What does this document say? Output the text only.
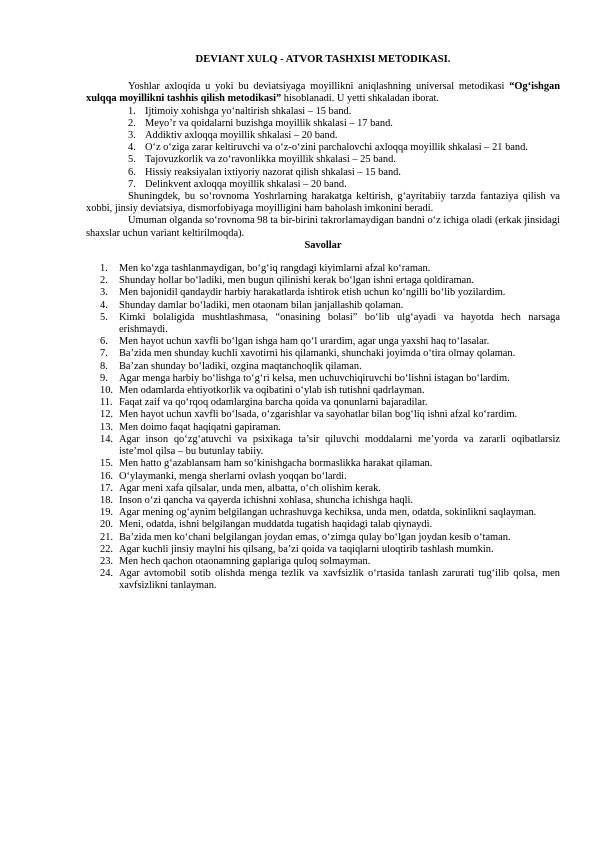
DEVIANT XULQ - ATVOR TASHXISI METODIKASI.

Yoshlar axloqida u yoki bu deviatsiyaga moyillikni aniqlashning universal metodikasi “Og‘ishgan xulqqa moyillikni tashhis qilish metodikasi” hisoblanadi. U yetti shkaladan iborat.

1. Ijtimoiy xohishga yo‘naltirish shkalasi – 15 band.
2. Meyo’r va qoidalarni buzishga moyillik shkalasi – 17 band.
3. Addiktiv axloqqa moyillik shkalasi – 20 band.
4. O‘z o‘ziga zarar keltiruvchi va o‘z-o‘zini parchalovchi axloqqa moyillik shkalasi – 21 band.
5. Tajovuzkorlik va zo‘ravonlikka moyillik shkalasi – 25 band.
6. Hissiy reaksiyalan ixtiyoriy nazorat qilish shkalasi – 15 band.
7. Delinkvent axloqqa moyillik shkalasi – 20 band.

Shuningdek, bu so‘rovnoma Yoshrlarning harakatga keltirish, g‘ayritabiiy tarzda fantaziya qilish va xobbi, jinsiy deviatsiya, dismorfobiyaga moyilligini ham baholash imkonini beradi.

Umuman olganda so‘rovnoma 98 ta bir-birini takrorlamaydigan bandni o‘z ichiga oladi (erkak jinsidagi shaxslar uchun variant keltirilmoqda).

Savollar

1.	Men ko‘zga tashlanmaydigan, bo‘g‘iq rangdagi kiyimlarni afzal ko‘raman.
2.	Shunday hollar bo‘ladiki, men bugun qilinishi kerak bo‘lgan ishni ertaga qoldiraman.
3.	Men bajonidil qandaydir harbiy harakatlarda ishtirok etish uchun ko‘ngilli bo‘lib yozilardim.
4.	Shunday damlar bo‘ladiki, men otaonam bilan janjallashib qolaman.
5.	Kimki bolaligida mushtlashmasa, “onasining bolasi” bo‘lib ulg‘ayadi va hayotda hech narsaga erishmaydi.
6.	Men hayot uchun xavfli bo‘lgan ishga ham qo‘l urardim, agar unga yaxshi haq to‘lasalar.
7.	Ba’zida men shunday kuchli xavotirni his qilamanki, shunchaki joyimda o‘tira olmay qolaman.
8.	Ba’zan shunday bo‘ladiki, ozgina maqtanchoqlik qilaman.
9.	Agar menga harbiy bo‘lishga to‘g‘ri kelsa, men uchuvchiqiruvchi bo‘lishni istagan bo‘lardim.
10. Men odamlarda ehtiyotkorlik va oqibatini o‘ylab ish tutishni qadrlayman.
11. Faqat zaif va qo‘rqoq odamlargina barcha qoida va qonunlarni bajaradilar.
12. Men hayot uchun xavfli bo‘lsada, o‘zgarishlar va sayohatlar bilan bog‘liq ishni afzal ko‘rardim.
13. Men doimo faqat haqiqatni gapiraman.
14. Agar inson qo‘zg‘atuvchi va psixikaga ta’sir qiluvchi moddalarni me’yorda va zararli oqibatlarsiz iste’mol qilsa – bu butunlay tabiiy.
15. Men hatto g‘azablansam ham so‘kinishgacha bormaslikka harakat qilaman.
16. O‘ylaymanki, menga sherlarni ovlash yoqqan bo‘lardi.
17. Agar meni xafa qilsalar, unda men, albatta, o‘ch olishim kerak.
18. Inson o‘zi qancha va qayerda ichishni xohlasa, shuncha ichishga haqli.
19. Agar mening og‘aynim belgilangan uchrashuvga kechiksa, unda men, odatda, sokinlikni saqlayman.
20. Meni, odatda, ishni belgilangan muddatda tugatish haqidagi talab qiynaydi.
21. Ba’zida men ko‘chani belgilangan joydan emas, o‘zimga qulay bo‘lgan joydan kesib o‘taman.
22. Agar kuchli jinsiy maylni his qilsang, ba’zi qoida va taqiqlarni uloqtirib tashlash mumkin.
23. Men hech qachon otaonamning gaplariga quloq solmayman.
24. Agar avtomobil sotib olishda menga tezlik va xavfsizlik o‘rtasida tanlash zarurati tug‘ilib qolsa, men xavfsizlikni tanlayman.
